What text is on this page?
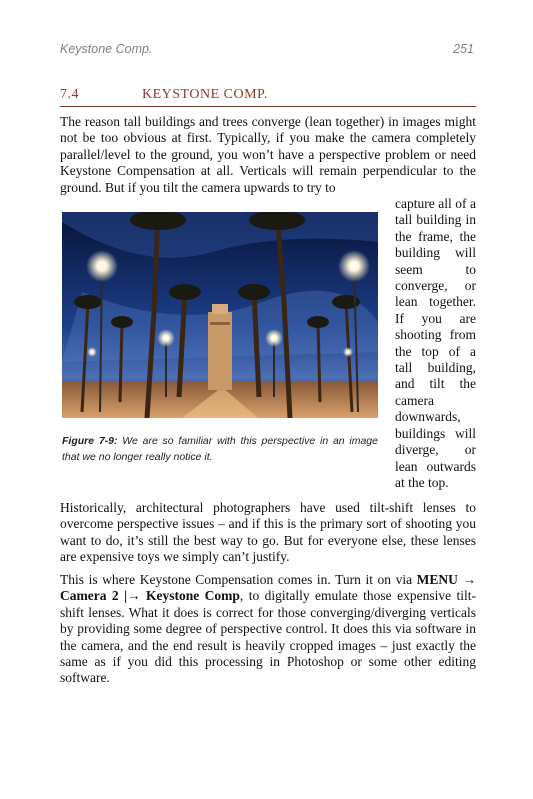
Keystone Comp.	251
7.4	KEYSTONE COMP.

The reason tall buildings and trees converge (lean together) in images might not be too obvious at first. Typically, if you make the camera completely parallel/level to the ground, you won’t have a perspective problem or need Keystone Compensation at all. Verticals will remain perpendicular to the ground. But if you tilt the camera upwards to try to

Figure 7-9: We are so familiar with this perspective in an image that we no longer really notice it.

capture all of a tall building in the frame, the building will seem to converge, or lean together. If you are shooting from the top of a tall building, and tilt the camera downwards, buildings will diverge, or lean outwards at the top.

Historically, architectural photographers have used tilt-shift lenses to overcome perspective issues – and if this is the primary sort of shooting you want to do, it’s still the best way to go. But for everyone else, these lenses are expensive toys we simply can’t justify.

This is where Keystone Compensation comes in. Turn it on via MENU → Camera 2 |→ Keystone Comp, to digitally emulate those expensive tilt-shift lenses. What it does is correct for those converging/diverging verticals by providing some degree of perspective control. It does this via software in the camera, and the end result is heavily cropped images – just exactly the same as if you did this processing in Photoshop or some other editing software.
